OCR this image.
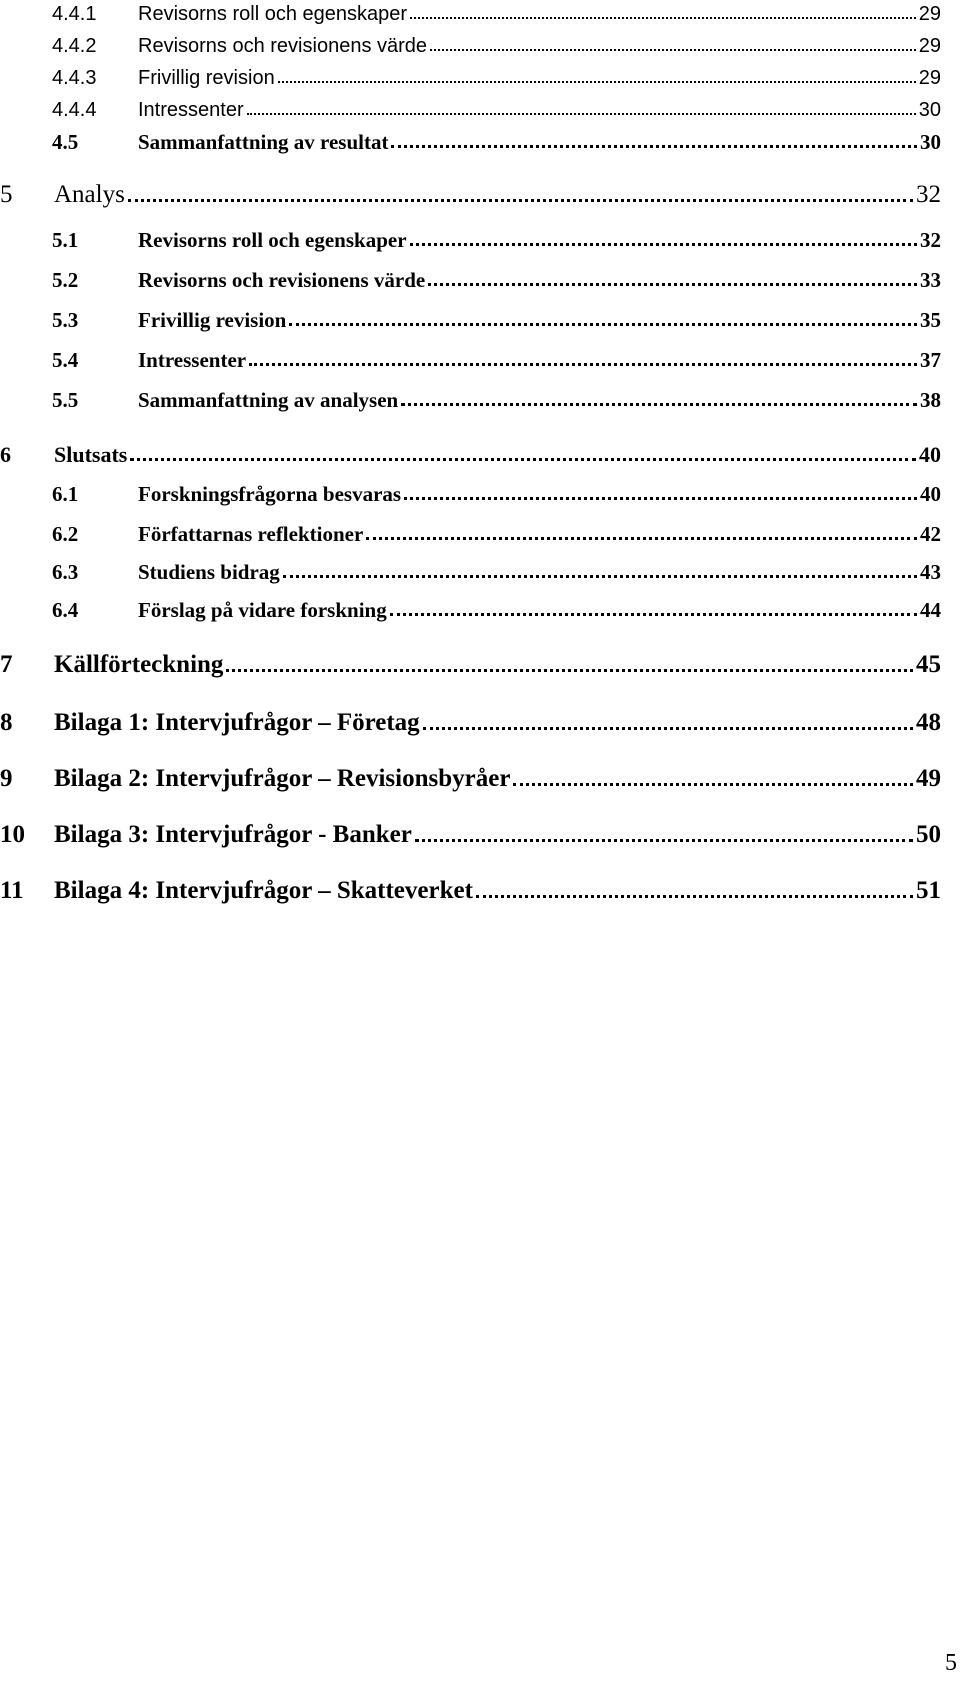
4.4.1	Revisorns roll och egenskaper	29
4.4.2	Revisorns och revisionens värde	29
4.4.3	Frivillig revision	29
4.4.4	Intressenter	30
4.5	Sammanfattning av resultat	30
5	Analys	32
5.1	Revisorns roll och egenskaper	32
5.2	Revisorns och revisionens värde	33
5.3	Frivillig revision	35
5.4	Intressenter	37
5.5	Sammanfattning av analysen	38
6	Slutsats	40
6.1	Forskningsfrågorna besvaras	40
6.2	Författarnas reflektioner	42
6.3	Studiens bidrag	43
6.4	Förslag på vidare forskning	44
7	Källförteckning	45
8	Bilaga 1: Intervjufrågor – Företag	48
9	Bilaga 2: Intervjufrågor – Revisionsbyråer	49
10	Bilaga 3: Intervjufrågor - Banker	50
11	Bilaga 4: Intervjufrågor – Skatteverket	51
5
